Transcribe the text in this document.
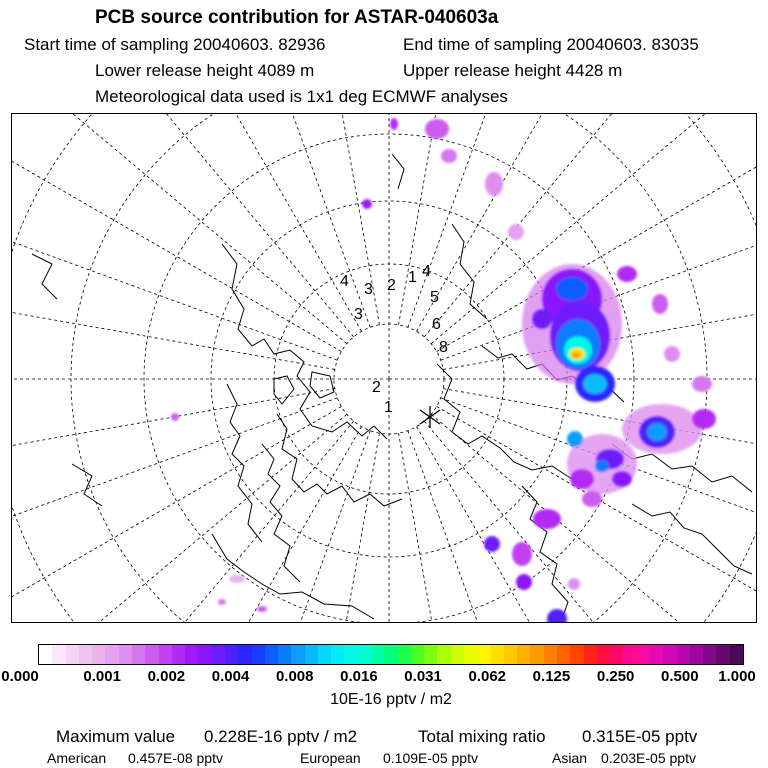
PCB source contribution for ASTAR-040603a
Start time of sampling 20040603. 82936	End time of sampling 20040603. 83035
Lower release height 4089 m	Upper release height 4428 m
Meteorological data used is 1x1 deg ECMWF analyses
4 3 2 1 4
5
6
2
1
3
8
0.000	0.001 0.002 0.004 0.008 0.016 0.031 0.062 0.125 0.250 0.500 1.000
10E-16 pptv / m2
Maximum value 0.228E-16 pptv / m2	Total mixing ratio 0.315E-05 pptv
American 0.457E-08 pptv	European 0.109E-05 pptv	Asian 0.203E-05 pptv
